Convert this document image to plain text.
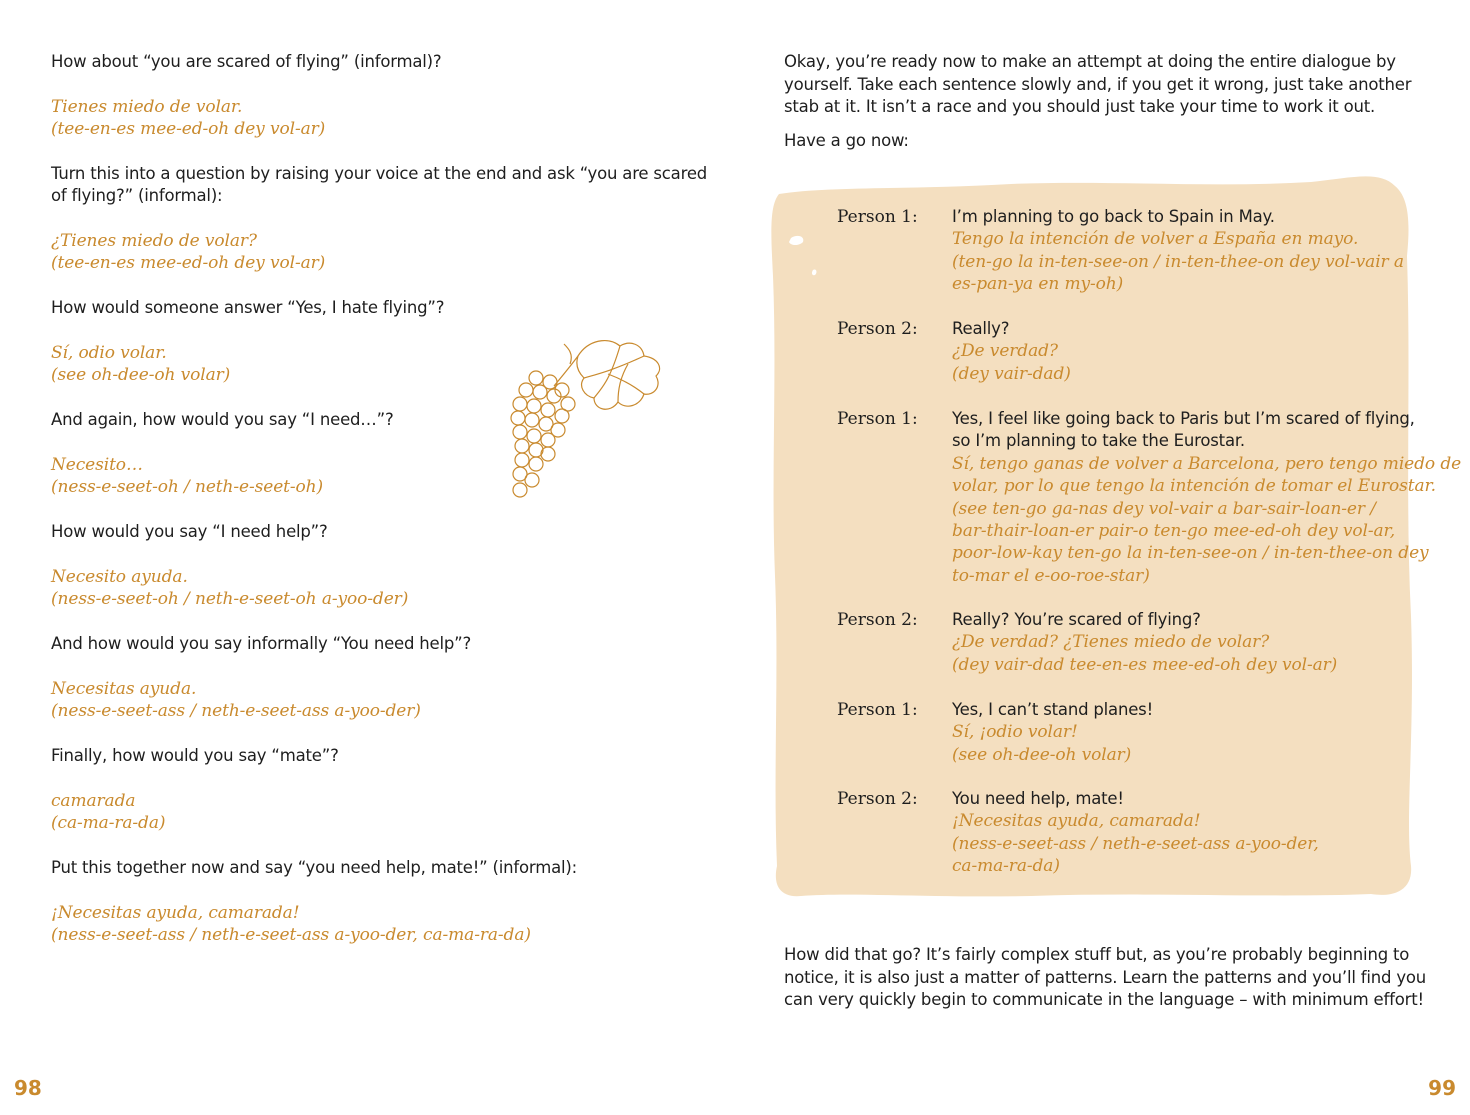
How about “you are scared of flying” (informal)?
Tienes miedo de volar.
(tee-en-es mee-ed-oh dey vol-ar)
Turn this into a question by raising your voice at the end and ask “you are scared
of flying?” (informal):
¿Tienes miedo de volar?
(tee-en-es mee-ed-oh dey vol-ar)
How would someone answer “Yes, I hate flying”?
Sí, odio volar.
(see oh-dee-oh volar)
And again, how would you say “I need…”?
Necesito…
(ness-e-seet-oh / neth-e-seet-oh)
How would you say “I need help”?
Necesito ayuda.
(ness-e-seet-oh / neth-e-seet-oh a-yoo-der)
And how would you say informally “You need help”?
Necesitas ayuda.
(ness-e-seet-ass / neth-e-seet-ass a-yoo-der)
Finally, how would you say “mate”?
camarada
(ca-ma-ra-da)
Put this together now and say “you need help, mate!” (informal):
¡Necesitas ayuda, camarada!
(ness-e-seet-ass / neth-e-seet-ass a-yoo-der, ca-ma-ra-da)
98
Okay, you’re ready now to make an attempt at doing the entire dialogue by
yourself. Take each sentence slowly and, if you get it wrong, just take another
stab at it. It isn’t a race and you should just take your time to work it out.
Have a go now:
Person 1: I’m planning to go back to Spain in May.
Tengo la intención de volver a España en mayo.
(ten-go la in-ten-see-on / in-ten-thee-on dey vol-vair a
es-pan-ya en my-oh)
Person 2: Really?
¿De verdad?
(dey vair-dad)
Person 1: Yes, I feel like going back to Paris but I’m scared of flying,
so I’m planning to take the Eurostar.
Sí, tengo ganas de volver a Barcelona, pero tengo miedo de
volar, por lo que tengo la intención de tomar el Eurostar.
(see ten-go ga-nas dey vol-vair a bar-sair-loan-er /
bar-thair-loan-er pair-o ten-go mee-ed-oh dey vol-ar,
poor-low-kay ten-go la in-ten-see-on / in-ten-thee-on dey
to-mar el e-oo-roe-star)
Person 2: Really? You’re scared of flying?
¿De verdad? ¿Tienes miedo de volar?
(dey vair-dad tee-en-es mee-ed-oh dey vol-ar)
Person 1: Yes, I can’t stand planes!
Sí, ¡odio volar!
(see oh-dee-oh volar)
Person 2: You need help, mate!
¡Necesitas ayuda, camarada!
(ness-e-seet-ass / neth-e-seet-ass a-yoo-der,
ca-ma-ra-da)
How did that go? It’s fairly complex stuff but, as you’re probably beginning to
notice, it is also just a matter of patterns. Learn the patterns and you’ll find you
can very quickly begin to communicate in the language – with minimum effort!
99
